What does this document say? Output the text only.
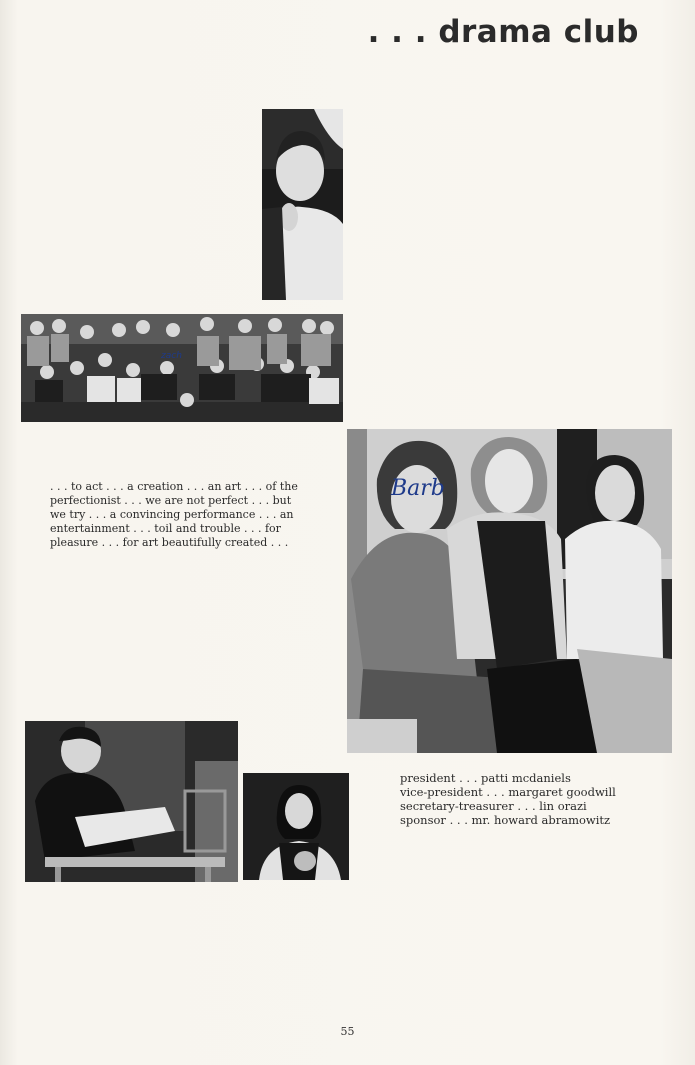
. . . drama club
zach

. . . to act . . . a creation . . . an art . . . of the perfectionist . . . we are not perfect . . . but we try . . . a convincing performance . . . an entertainment . . . toil and trouble . . . for pleasure . . . for art beautifully created . . .

Barb
president . . . patti mcdaniels
vice-president . . . margaret goodwill
secretary-treasurer . . . lin orazi
sponsor . . . mr. howard abramowitz
55
